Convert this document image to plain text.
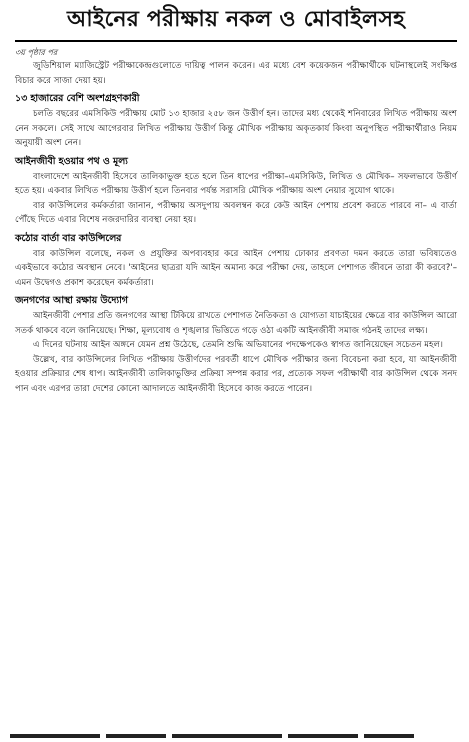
আইনের পরীক্ষায় নকল ও মোবাইলসহ

৩য় পৃষ্ঠার পর

জুডিশিয়াল ম্যাজিস্ট্রেট পরীক্ষাকেন্দ্রগুলোতে দায়িত্ব পালন করেন। এর মধ্যে বেশ কয়েকজন পরীক্ষার্থীকে ঘটনাস্থলেই সংক্ষিপ্ত বিচার করে সাজা দেয়া হয়।

১৩ হাজারের বেশি অংশগ্রহণকারী

চলতি বছরের এমসিকিউ পরীক্ষায় মোট ১৩ হাজার ২৫৮ জন উত্তীর্ণ হন। তাদের মধ্য থেকেই শনিবারের লিখিত পরীক্ষায় অংশ নেন সকলে। সেই সাথে আগেরবার লিখিত পরীক্ষায় উত্তীর্ণ কিন্তু মৌখিক পরীক্ষায় অকৃতকার্য কিংবা অনুপস্থিত পরীক্ষার্থীরাও নিয়ম অনুযায়ী অংশ নেন।

আইনজীবী হওয়ার পথ ও মূল্য

বাংলাদেশে আইনজীবী হিসেবে তালিকাভুক্ত হতে হলে তিন ধাপের পরীক্ষা–এমসিকিউ, লিখিত ও মৌখিক– সফলভাবে উত্তীর্ণ হতে হয়। একবার লিখিত পরীক্ষায় উত্তীর্ণ হলে তিনবার পর্যন্ত সরাসরি মৌখিক পরীক্ষায় অংশ নেয়ার সুযোগ থাকে।

বার কাউন্সিলের কর্মকর্তারা জানান, পরীক্ষায় অসদুপায় অবলম্বন করে কেউ আইন পেশায় প্রবেশ করতে পারবে না– এ বার্তা পৌঁছে দিতে এবার বিশেষ নজরদারির ব্যবস্থা নেয়া হয়।

কঠোর বার্তা বার কাউন্সিলের

বার কাউন্সিল বলেছে, নকল ও প্রযুক্তির অপব্যবহার করে আইন পেশায় ঢোকার প্রবণতা দমন করতে তারা ভবিষ্যতেও একইভাবে কঠোর অবস্থান নেবে। 'আইনের ছাত্ররা যদি আইন অমান্য করে পরীক্ষা দেয়, তাহলে পেশাগত জীবনে তারা কী করবে?'– এমন উদ্বেগও প্রকাশ করেছেন কর্মকর্তারা।

জনগণের আস্থা রক্ষায় উদ্যোগ

আইনজীবী পেশার প্রতি জনগণের আস্থা টিকিয়ে রাখতে পেশাগত নৈতিকতা ও যোগ্যতা যাচাইয়ের ক্ষেত্রে বার কাউন্সিল আরো সতর্ক থাকবে বলে জানিয়েছে। শিক্ষা, মূল্যবোধ ও শৃঙ্খলার ভিত্তিতে গড়ে ওঠা একটি আইনজীবী সমাজ গঠনই তাদের লক্ষ্য।

এ দিনের ঘটনায় আইন অঙ্গনে যেমন প্রশ্ন উঠেছে, তেমনি শুদ্ধি অভিযানের পদক্ষেপকেও স্বাগত জানিয়েছেন সচেতন মহল।

উল্লেখ, বার কাউন্সিলের লিখিত পরীক্ষায় উত্তীর্ণদের পরবর্তী ধাপে মৌখিক পরীক্ষার জন্য বিবেচনা করা হবে, যা আইনজীবী হওয়ার প্রক্রিয়ার শেষ ধাপ। আইনজীবী তালিকাভুক্তির প্রক্রিয়া সম্পন্ন করার পর, প্রত্যেক সফল পরীক্ষার্থী বার কাউন্সিল থেকে সনদ পান এবং এরপর তারা দেশের কোনো আদালতে আইনজীবী হিসেবে কাজ করতে পারেন।
